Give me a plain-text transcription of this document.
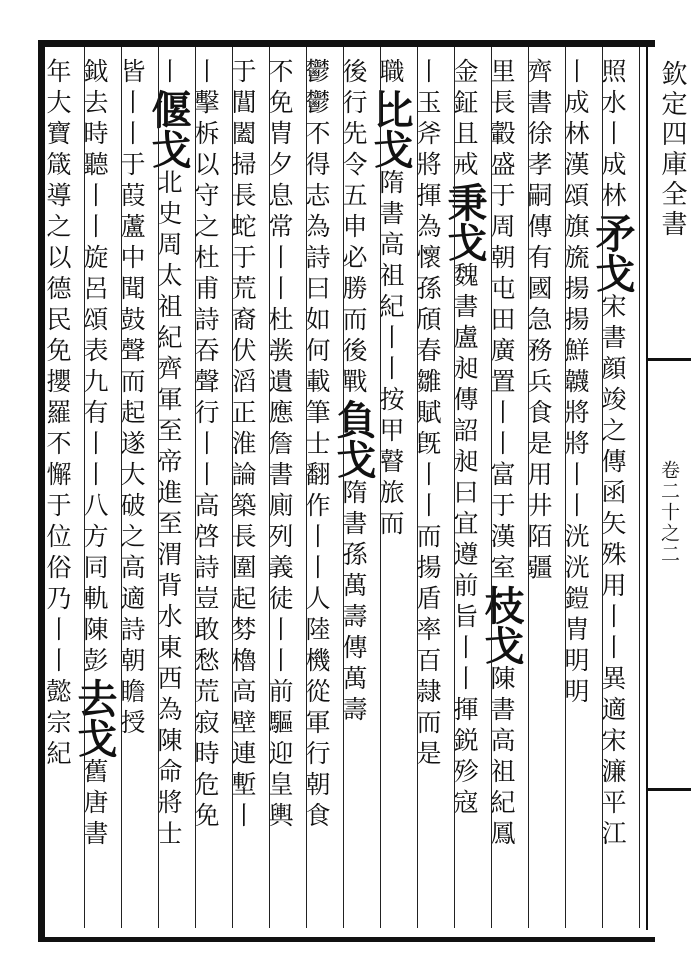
欽定四庫全書
卷二十之二
照水丨成林矛戈宋書顔竣之傳函矢殊用丨丨異適宋濂平江
丨成林漢頌旗旒揚揚鮮韤將將丨丨洸洸鎧胄明明
齊書徐孝嗣傳有國急務兵食是用井陌疆
里長轂盛于周朝屯田廣置丨丨富于漢室枝戈陳書高祖紀鳳
金鉦且戒秉戈魏書盧昶傳詔昶曰宜遵前旨丨丨揮鋭殄寇
丨玉斧將揮為懷孫頎春雛賦旣丨丨而揚盾率百隷而是
職比戈隋書高祖紀丨丨按甲瞽旅而
後行先令五申必勝而後戰負戈隋書孫萬壽傳萬壽
鬱鬱不得志為詩曰如何載筆士翻作丨丨人陸機從軍行朝食
不免胄夕息常丨丨杜彂遺應詹書廁列義徒丨丨前驅迎皇輿
于閶闔掃長蛇于荒裔伏滔正淮論築長圍起棼櫓高壁連塹丨
丨擊柝以守之杜甫詩吞聲行丨丨高啓詩豈敢愁荒寂時危免
丨偃戈北史周太祖紀齊軍至帝進至渭背水東西為陳命將士
皆丨丨于葭蘆中聞鼓聲而起遂大破之高適詩朝瞻授
鉞去時聽丨丨旋呂頌表九有丨丨八方同軌陳彭去戈舊唐書
年大寶箴導之以德民免攖羅不懈于位俗乃丨丨懿宗紀
